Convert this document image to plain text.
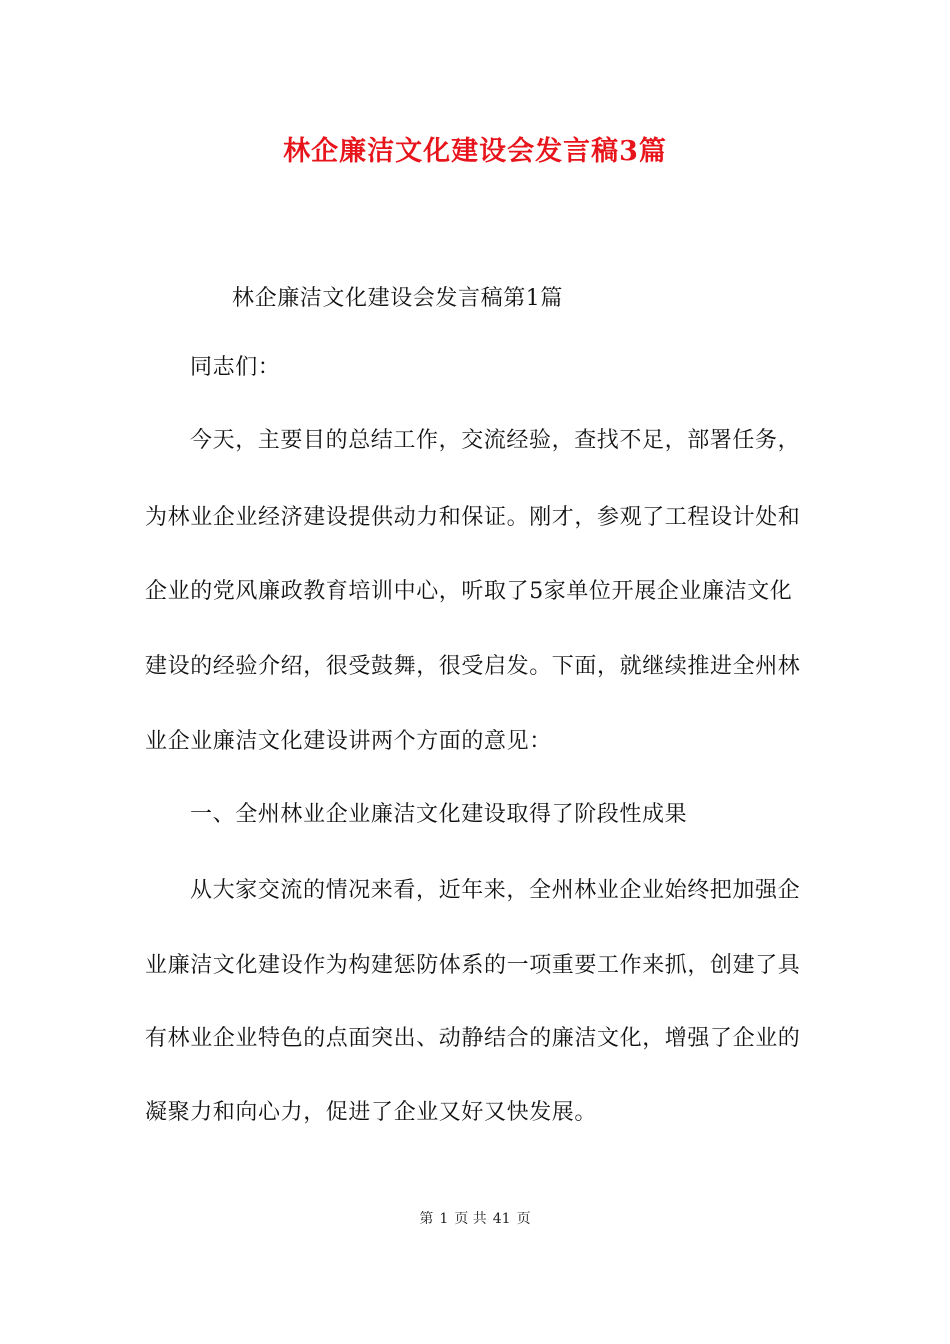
林企廉洁文化建设会发言稿3篇
林企廉洁文化建设会发言稿第1篇
同志们：
今天，主要目的总结工作，交流经验，查找不足，部署任务，
为林业企业经济建设提供动力和保证。刚才，参观了工程设计处和
企业的党风廉政教育培训中心，听取了5家单位开展企业廉洁文化
建设的经验介绍，很受鼓舞，很受启发。下面，就继续推进全州林
业企业廉洁文化建设讲两个方面的意见：
一、全州林业企业廉洁文化建设取得了阶段性成果
从大家交流的情况来看，近年来，全州林业企业始终把加强企
业廉洁文化建设作为构建惩防体系的一项重要工作来抓，创建了具
有林业企业特色的点面突出、动静结合的廉洁文化，增强了企业的
凝聚力和向心力，促进了企业又好又快发展。
第 1 页 共 41 页
